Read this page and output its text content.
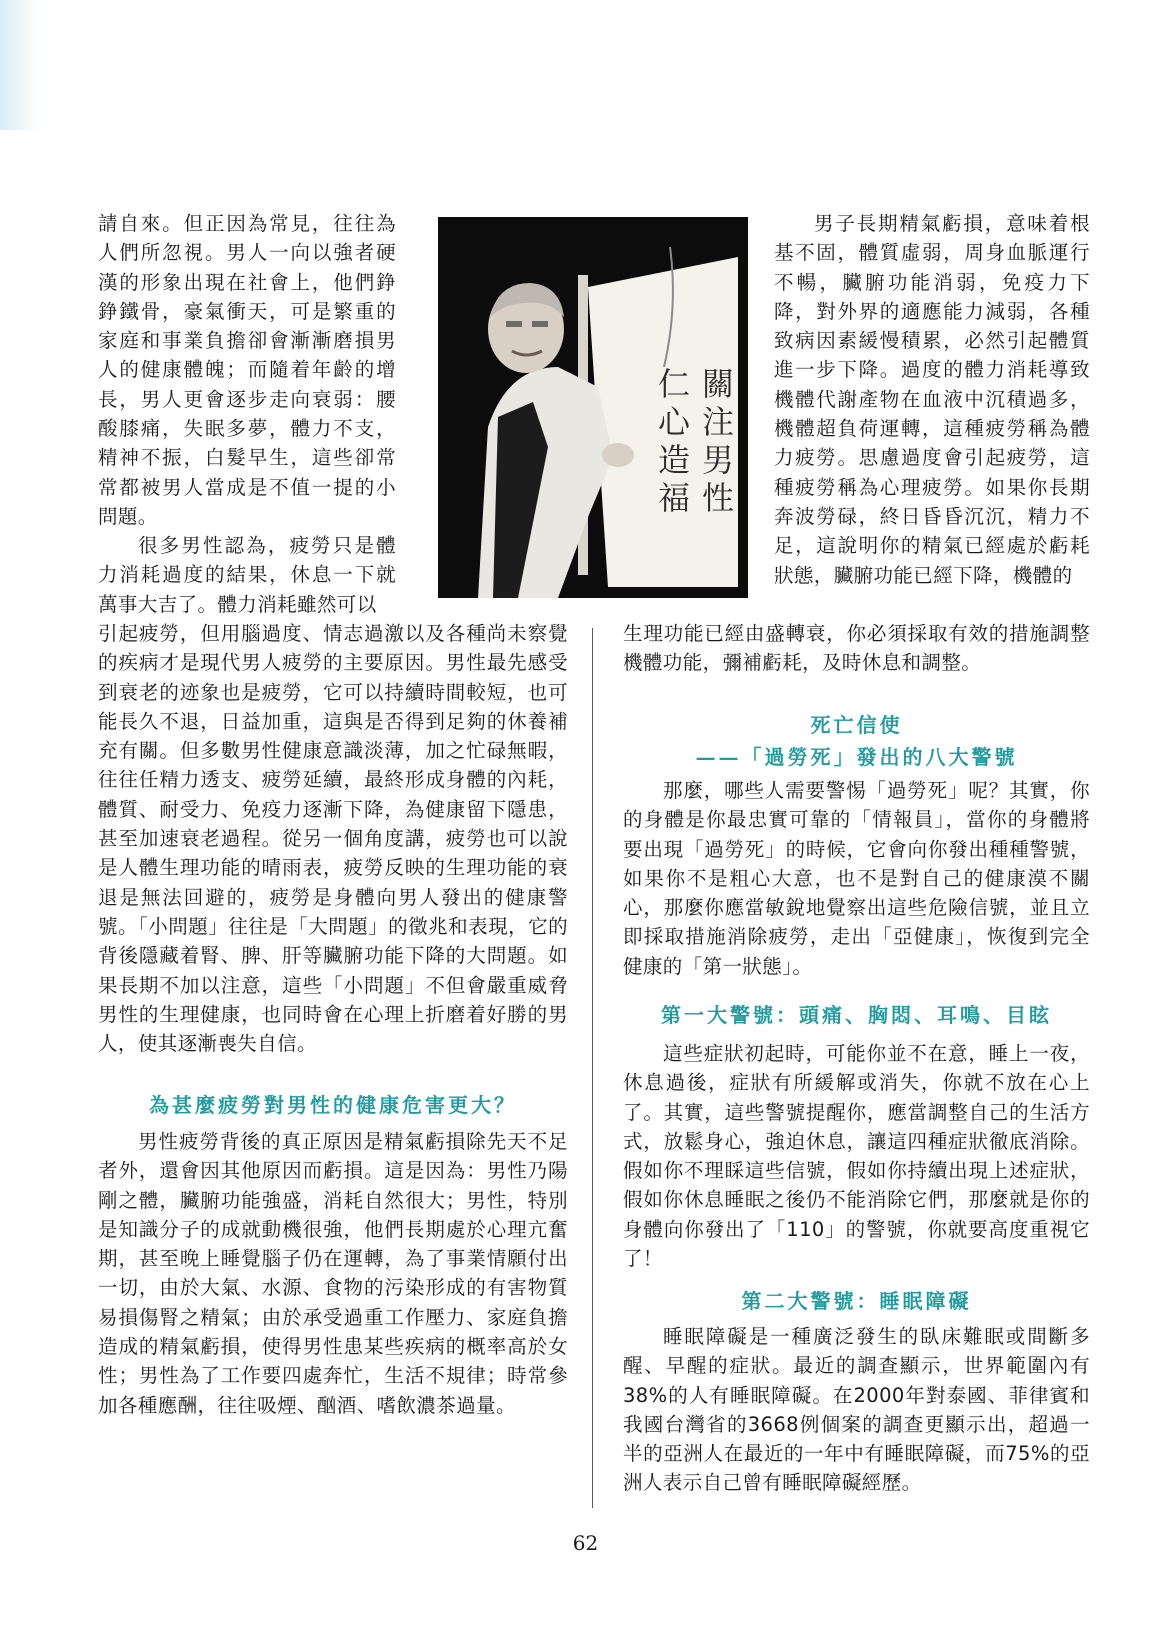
請自來。但正因為常見，往往為人們所忽視。男人一向以強者硬漢的形象出現在社會上，他們錚錚鐵骨，豪氣衝天，可是繁重的家庭和事業負擔卻會漸漸磨損男人的健康體魄；而隨着年齡的增長，男人更會逐步走向衰弱：腰酸膝痛，失眠多夢，體力不支，精神不振，白髮早生，這些卻常常都被男人當成是不值一提的小問題。

很多男性認為，疲勞只是體力消耗過度的結果，休息一下就萬事大吉了。體力消耗雖然可以

關注男性 仁心造福

引起疲勞，但用腦過度、情志過激以及各種尚未察覺的疾病才是現代男人疲勞的主要原因。男性最先感受到衰老的迹象也是疲勞，它可以持續時間較短，也可能長久不退，日益加重，這與是否得到足夠的休養補充有關。但多數男性健康意識淡薄，加之忙碌無暇，往往任精力透支、疲勞延續，最終形成身體的內耗，體質、耐受力、免疫力逐漸下降，為健康留下隱患，甚至加速衰老過程。從另一個角度講，疲勞也可以說是人體生理功能的晴雨表，疲勞反映的生理功能的衰退是無法回避的，疲勞是身體向男人發出的健康警號。「小問題」往往是「大問題」的徵兆和表現，它的背後隱藏着腎、脾、肝等臟腑功能下降的大問題。如果長期不加以注意，這些「小問題」不但會嚴重威脅男性的生理健康，也同時會在心理上折磨着好勝的男人，使其逐漸喪失自信。

為甚麼疲勞對男性的健康危害更大？

男性疲勞背後的真正原因是精氣虧損除先天不足者外，還會因其他原因而虧損。這是因為：男性乃陽剛之體，臟腑功能強盛，消耗自然很大；男性，特別是知識分子的成就動機很強，他們長期處於心理亢奮期，甚至晚上睡覺腦子仍在運轉，為了事業情願付出一切，由於大氣、水源、食物的污染形成的有害物質易損傷腎之精氣；由於承受過重工作壓力、家庭負擔造成的精氣虧損，使得男性患某些疾病的概率高於女性；男性為了工作要四處奔忙，生活不規律；時常參加各種應酬，往往吸煙、酗酒、嗜飲濃茶過量。

男子長期精氣虧損，意味着根基不固，體質虛弱，周身血脈運行不暢，臟腑功能消弱，免疫力下降，對外界的適應能力減弱，各種致病因素緩慢積累，必然引起體質進一步下降。過度的體力消耗導致機體代謝產物在血液中沉積過多，機體超負荷運轉，這種疲勞稱為體力疲勞。思慮過度會引起疲勞，這種疲勞稱為心理疲勞。如果你長期奔波勞碌，終日昏昏沉沉，精力不足，這說明你的精氣已經處於虧耗狀態，臟腑功能已經下降，機體的

生理功能已經由盛轉衰，你必須採取有效的措施調整機體功能，彌補虧耗，及時休息和調整。

死亡信使
——「過勞死」發出的八大警號

那麼，哪些人需要警惕「過勞死」呢？其實，你的身體是你最忠實可靠的「情報員」，當你的身體將要出現「過勞死」的時候，它會向你發出種種警號，如果你不是粗心大意，也不是對自己的健康漠不關心，那麼你應當敏銳地覺察出這些危險信號，並且立即採取措施消除疲勞，走出「亞健康」，恢復到完全健康的「第一狀態」。

第一大警號：頭痛、胸悶、耳鳴、目眩

這些症狀初起時，可能你並不在意，睡上一夜，休息過後，症狀有所緩解或消失，你就不放在心上了。其實，這些警號提醒你，應當調整自己的生活方式，放鬆身心，強迫休息，讓這四種症狀徹底消除。假如你不理睬這些信號，假如你持續出現上述症狀，假如你休息睡眠之後仍不能消除它們，那麼就是你的身體向你發出了「110」的警號，你就要高度重視它了！

第二大警號：睡眠障礙

睡眠障礙是一種廣泛發生的臥床難眠或間斷多醒、早醒的症狀。最近的調查顯示，世界範圍內有38%的人有睡眠障礙。在2000年對泰國、菲律賓和我國台灣省的3668例個案的調查更顯示出，超過一半的亞洲人在最近的一年中有睡眠障礙，而75%的亞洲人表示自己曾有睡眠障礙經歷。

62
